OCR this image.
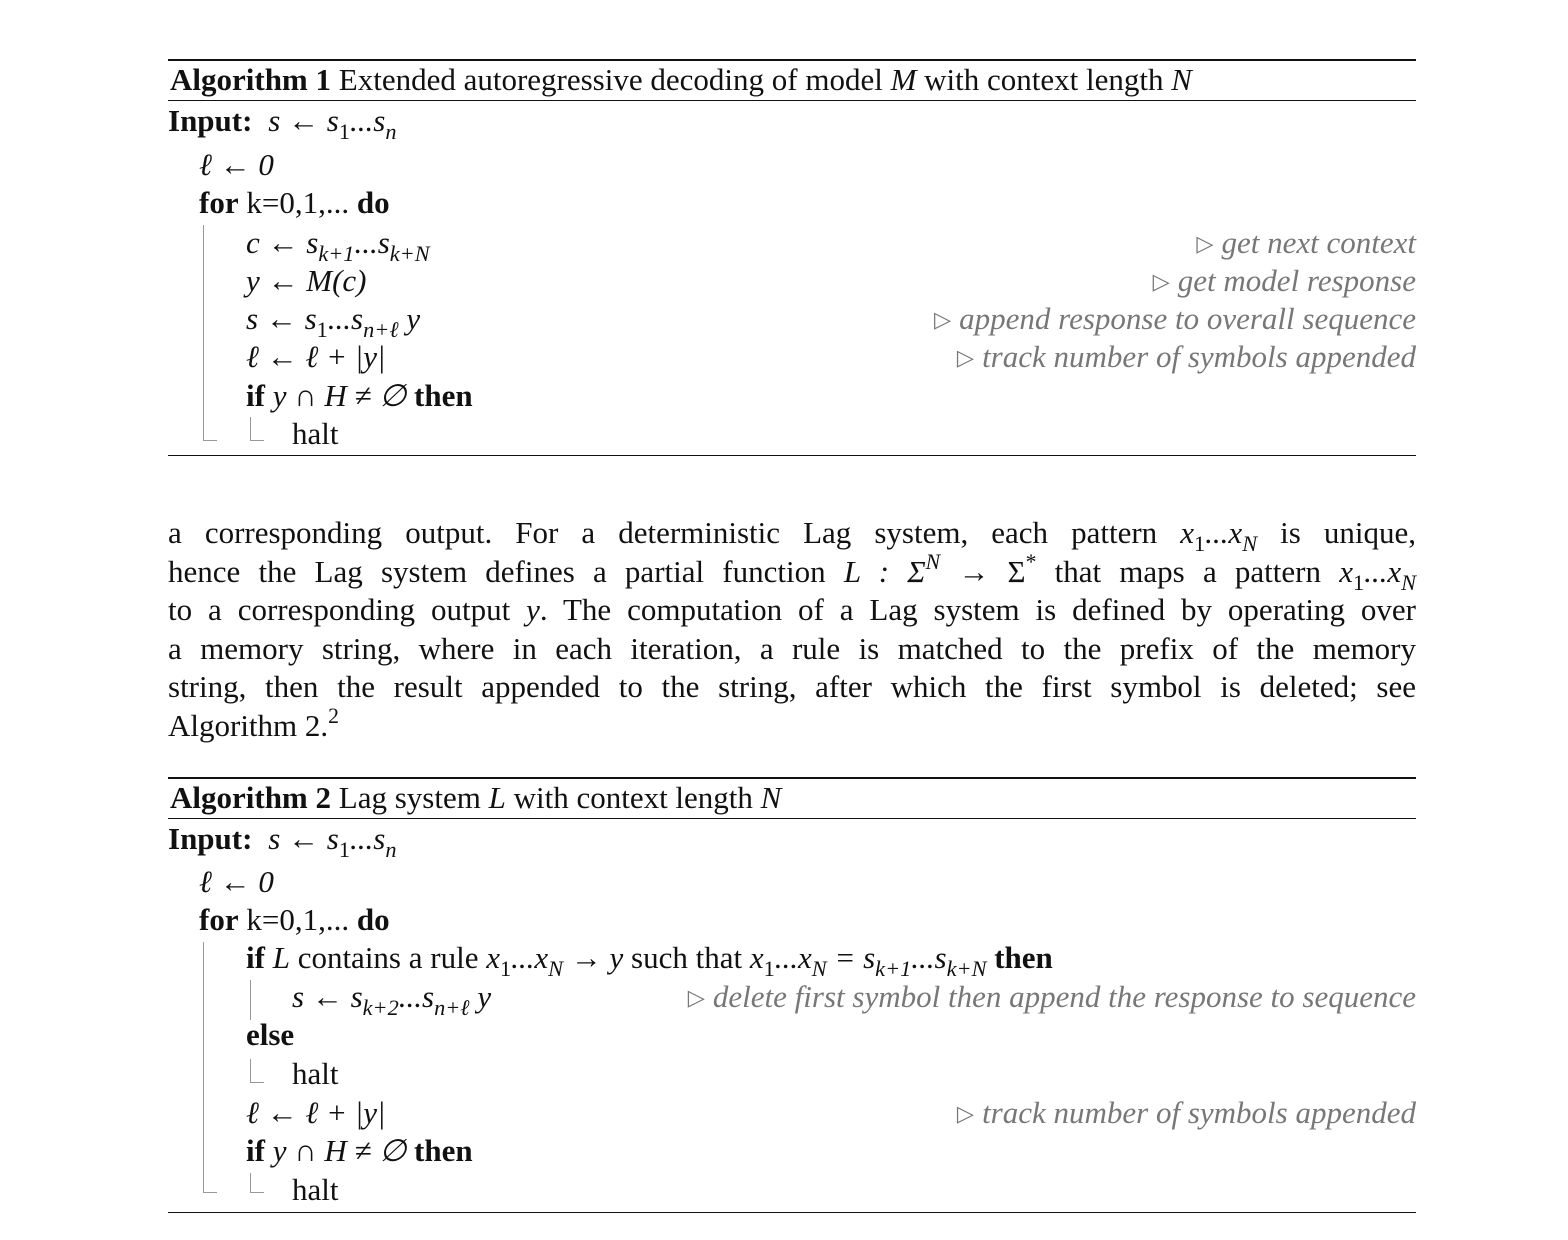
Algorithm 1 Extended autoregressive decoding of model M with context length N
Input: s ← $s_1...s_n$
ℓ ← 0
for k=0,1,... do
c ← $s_{k+1}...s_{k+N}$	▷ get next context
y ← M(c)	▷ get model response
s ← $s_1...s_{n+\ell}$ y	▷ append response to overall sequence
ℓ ← ℓ + |y|	▷ track number of symbols appended
if y ∩ H ≠ ∅ then
halt
a corresponding output. For a deterministic Lag system, each pattern $x_1...x_N$ is unique,
hence the Lag system defines a partial function L : $\Sigma^N \to \Sigma^*$ that maps a pattern $x_1...x_N$
to a corresponding output y. The computation of a Lag system is defined by operating over
a memory string, where in each iteration, a rule is matched to the prefix of the memory
string, then the result appended to the string, after which the first symbol is deleted; see
Algorithm 2.$^2$
Algorithm 2 Lag system L with context length N
Input: s ← $s_1...s_n$
ℓ ← 0
for k=0,1,... do
if L contains a rule $x_1...x_N \to y$ such that $x_1...x_N = s_{k+1}...s_{k+N}$ then
s ← $s_{k+2}...s_{n+\ell}$ y	▷ delete first symbol then append the response to sequence
else
halt
ℓ ← ℓ + |y|	▷ track number of symbols appended
if y ∩ H ≠ ∅ then
halt
